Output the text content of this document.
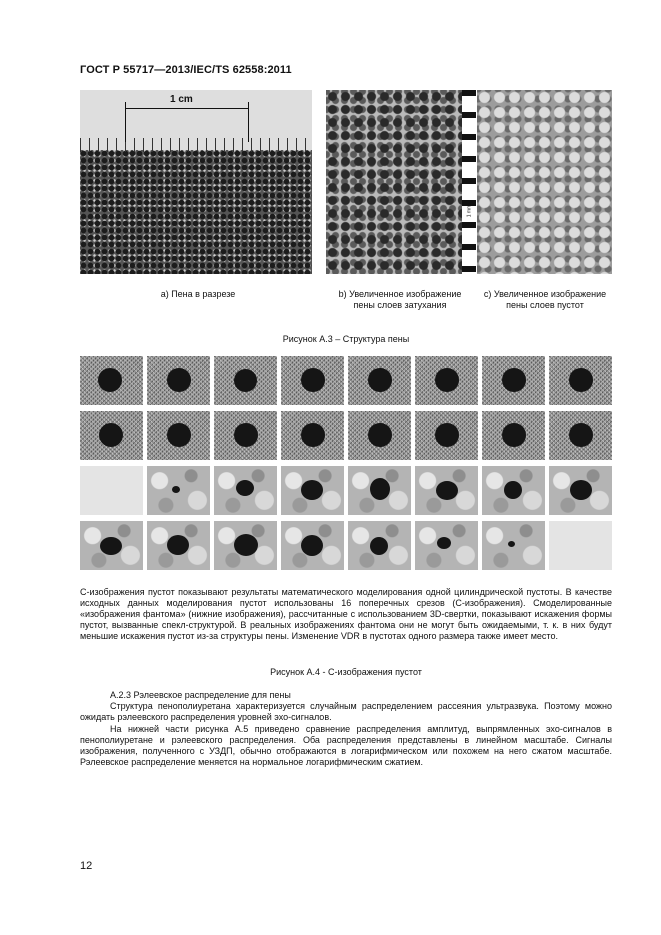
ГОСТ Р 55717—2013/IEC/TS 62558:2011
1 cm
1 mm
а) Пена в разрезе	b) Увеличенное изображение пены слоев затухания
с) Увеличенное изображение пены слоев пустот
Рисунок А.3 – Структура пены
С-изображения пустот показывают результаты математического моделирования одной цилиндрической пустоты. В качестве исходных данных моделирования пустот использованы 16 поперечных срезов (С-изображения). Смоделированные «изображения фантома» (нижние изображения), рассчитанные с использованием 3D-свертки, показывают искажения формы пустот, вызванные спекл-структурой. В реальных изображениях фантома они не могут быть ожидаемыми, т. к. в них будут меньшие искажения пустот из-за структуры пены. Изменение VDR в пустотах одного размера также имеет место.
Рисунок А.4 - С-изображения пустот
А.2.3 Рэлеевское распределение для пены
Структура пенополиуретана характеризуется случайным распределением рассеяния ультразвука. Поэтому можно ожидать рэлеевского распределения уровней эхо-сигналов.
На нижней части рисунка А.5 приведено сравнение распределения амплитуд, выпрямленных эхо-сигналов в пенополиуретане и рэлеевского распределения. Оба распределения представлены в линейном масштабе. Сигналы изображения, полученного с УЗДП, обычно отображаются в логарифмическом или похожем на него сжатом масштабе. Рэлеевское распределение меняется на нормальное логарифмическим сжатием.
12
